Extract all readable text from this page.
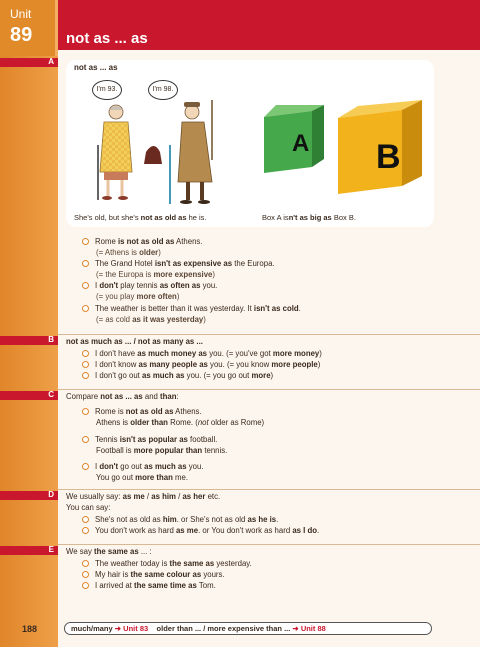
Unit
89 not as ... as
A
B
C
D
E
not as ... as
I'm 93.	I'm 98.
A B
She's old, but she's not as old as he is.	Box A isn't as big as Box B.
Rome is not as old as Athens.
(= Athens is older)
The Grand Hotel isn't as expensive as the Europa.
(= the Europa is more expensive)
I don't play tennis as often as you.
(= you play more often)
The weather is better than it was yesterday. It isn't as cold.
(= as cold as it was yesterday)
not as much as ... / not as many as ...
I don't have as much money as you. (= you've got more money)
I don't know as many people as you. (= you know more people)
I don't go out as much as you. (= you go out more)
Compare not as ... as and than:
Rome is not as old as Athens.
Athens is older than Rome. (not older as Rome)
Tennis isn't as popular as football.
Football is more popular than tennis.
I don't go out as much as you.
You go out more than me.
We usually say: as me / as him / as her etc.
You can say:
She's not as old as him. or She's not as old as he is.
You don't work as hard as me. or You don't work as hard as I do.
We say the same as ... :
The weather today is the same as yesterday.
My hair is the same colour as yours.
I arrived at the same time as Tom.
188	much/many ➜ Unit 83 older than ... / more expensive than ... ➜ Unit 88
